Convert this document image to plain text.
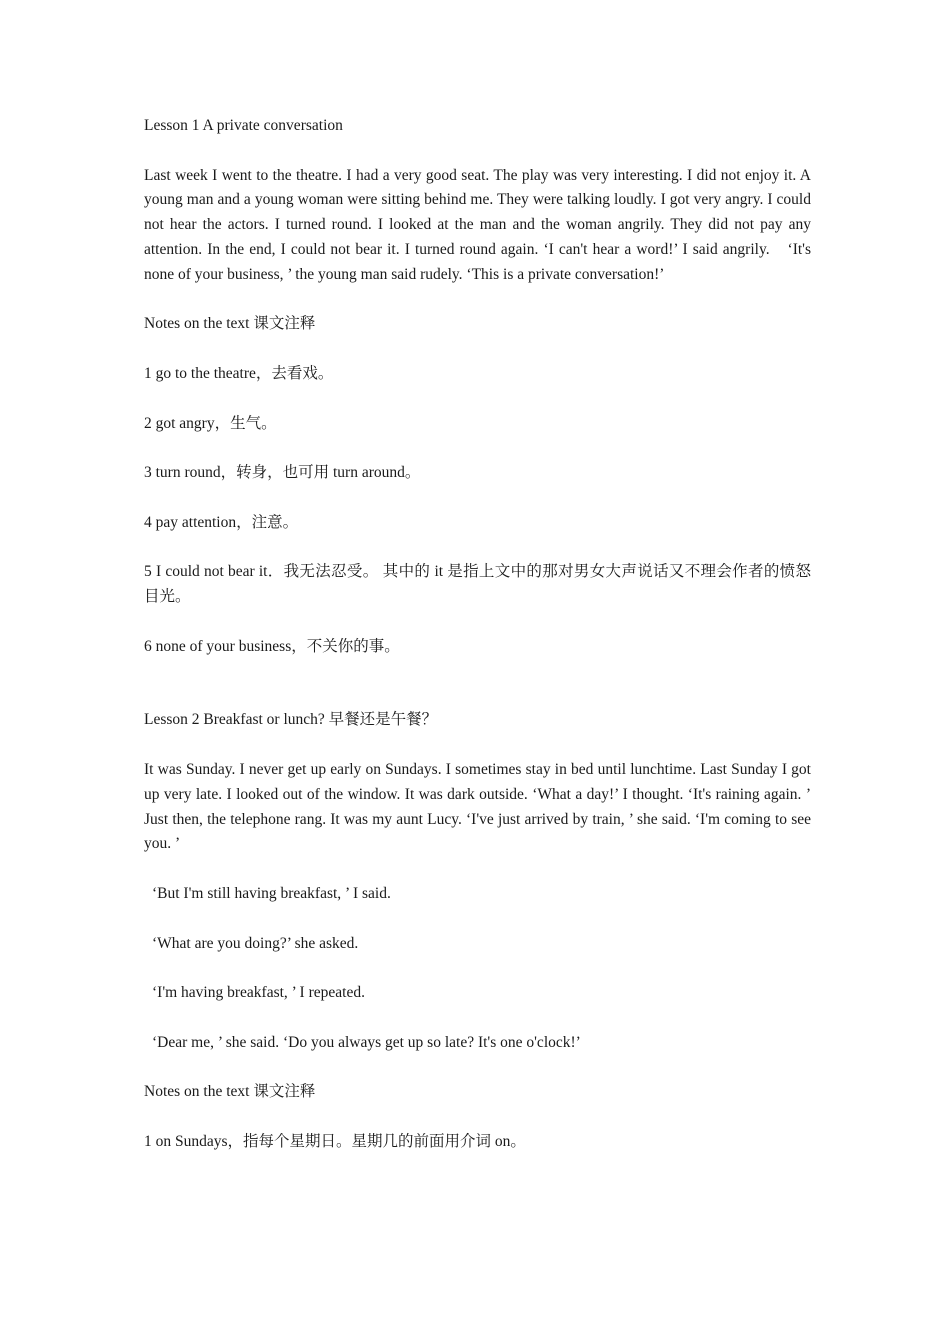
Lesson 1 A private conversation

Last week I went to the theatre. I had a very good seat. The play was very interesting. I did not enjoy it. A young man and a young woman were sitting behind me. They were talking loudly. I got very angry. I could not hear the actors. I turned round. I looked at the man and the woman angrily. They did not pay any attention. In the end, I could not bear it. I turned round again. ‘I can't hear a word!’ I said angrily.　‘It's none of your business, ’ the young man said rudely. ‘This is a private conversation!’

Notes on the text 课文注释

1 go to the theatre，去看戏。

2 got angry，生气。

3 turn round，转身，也可用 turn around。

4 pay attention，注意。

5 I could not bear it．我无法忍受。 其中的 it 是指上文中的那对男女大声说话又不理会作者的愤怒目光。

6 none of your business，不关你的事。

Lesson 2 Breakfast or lunch? 早餐还是午餐？

It was Sunday. I never get up early on Sundays. I sometimes stay in bed until lunchtime. Last Sunday I got up very late. I looked out of the window. It was dark outside. ‘What a day!’ I thought. ‘It's raining again. ’ Just then, the telephone rang. It was my aunt Lucy. ‘I've just arrived by train, ’ she said. ‘I'm coming to see you. ’

‘But I'm still having breakfast, ’ I said.

‘What are you doing?’ she asked.

‘I'm having breakfast, ’ I repeated.

‘Dear me, ’ she said. ‘Do you always get up so late? It's one o'clock!’

Notes on the text 课文注释

1 on Sundays，指每个星期日。星期几的前面用介词 on。
